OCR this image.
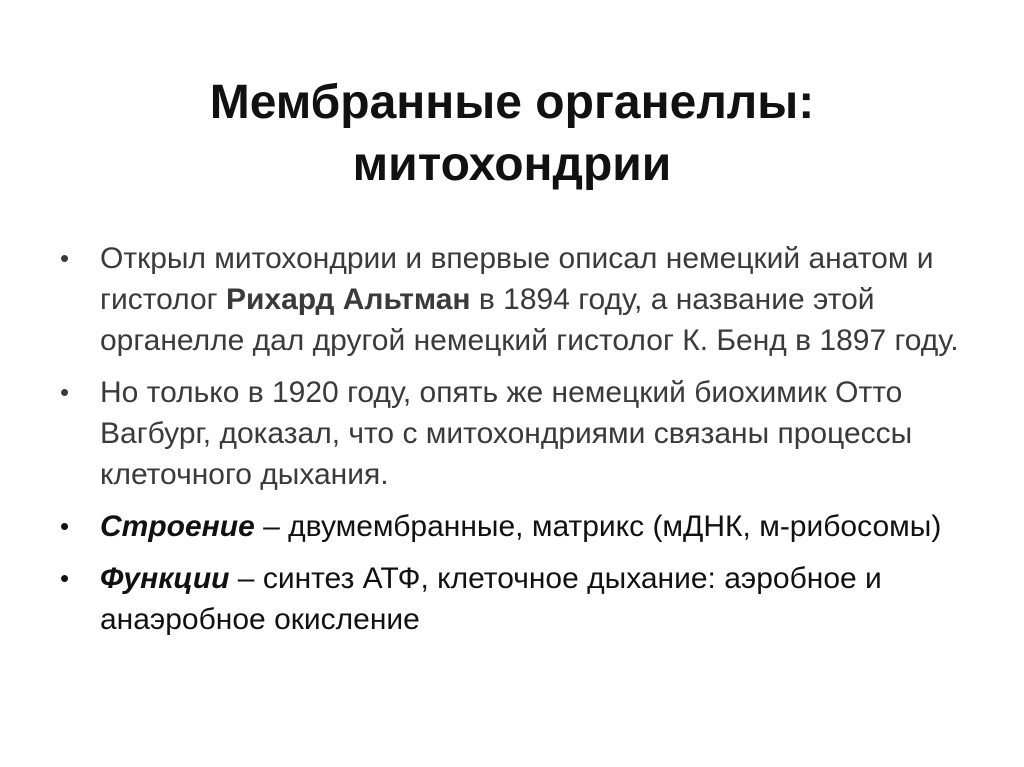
Мембранные органеллы:
митохондрии
•	Открыл митохондрии и впервые описал немецкий анатом и гистолог Рихард Альтман в 1894 году, а название этой органелле дал другой немецкий гистолог К. Бенд в 1897 году.
•	Но только в 1920 году, опять же немецкий биохимик Отто Вагбург, доказал, что с митохондриями связаны процессы клеточного дыхания.
•	Строение – двумембранные, матрикс (мДНК, м-рибосомы)
•	Функции – синтез АТФ, клеточное дыхание: аэробное и анаэробное окисление
